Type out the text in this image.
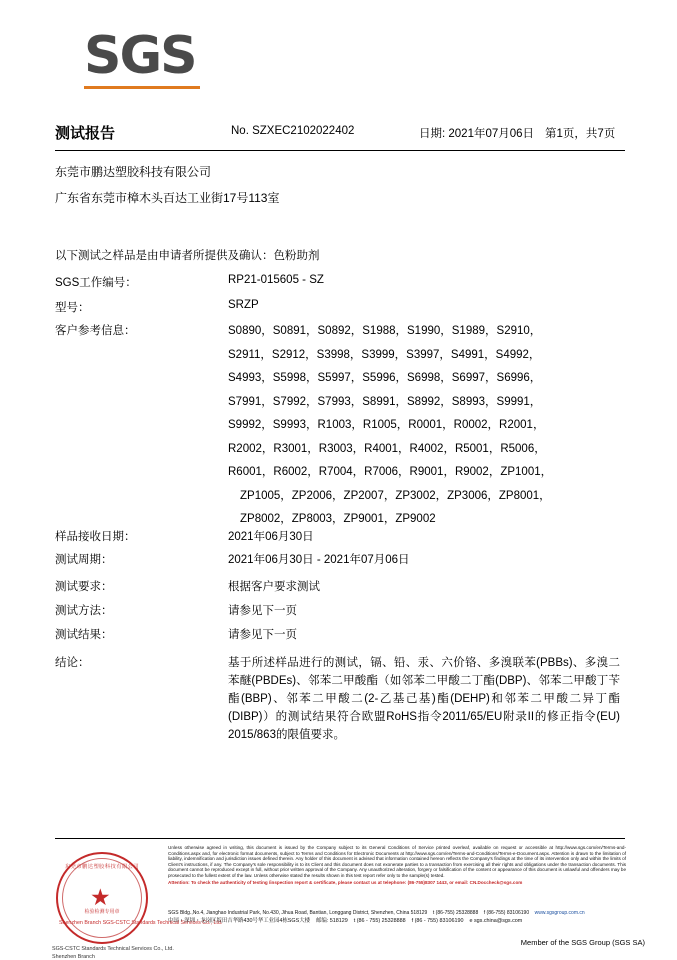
SGS
测试报告	No. SZXEC2102022402	日期: 2021年07月06日 第1页，共7页
东莞市鹏达塑胶科技有限公司
广东省东莞市樟木头百达工业街17号113室
以下测试之样品是由申请者所提供及确认：色粉助剂
SGS工作编号：	RP21-015605 - SZ
型号：	SRZP
客户参考信息：	S0890，S0891，S0892，S1988，S1990，S1989，S2910，
S2911，S2912，S3998，S3999，S3997，S4991，S4992，
S4993，S5998，S5997，S5996，S6998，S6997，S6996，
S7991，S7992，S7993，S8991，S8992，S8993，S9991，
S9992，S9993，R1003，R1005，R0001，R0002，R2001，
R2002，R3001，R3003，R4001，R4002，R5001，R5006，
R6001，R6002，R7004，R7006，R9001，R9002，ZP1001，
ZP1005，ZP2006，ZP2007，ZP3002，ZP3006，ZP8001，
ZP8002，ZP8003，ZP9001，ZP9002
样品接收日期：	2021年06月30日
测试周期：	2021年06月30日 - 2021年07月06日
测试要求：	根据客户要求测试
测试方法：	请参见下一页
测试结果：	请参见下一页
结论：	基于所述样品进行的测试，镉、铅、汞、六价铬、多溴联苯(PBBs)、多溴二苯醚(PBDEs)、邻苯二甲酸酯（如邻苯二甲酸二丁酯(DBP)、邻苯二甲酸丁苄酯(BBP)、邻苯二甲酸二(2-乙基己基)酯(DEHP)和邻苯二甲酸二异丁酯(DIBP)）的测试结果符合欧盟RoHS指令2011/65/EU附录II的修正指令(EU) 2015/863的限值要求。
东莞市鹏达塑胶科技有限公司
★
检验检测专用章
Shenzhen Branch SGS-CSTC Standards Technical Services Co., Ltd.
SGS-CSTC Standards Technical Services Co., Ltd.
Shenzhen Branch
Unless otherwise agreed in writing, this document is issued by the Company subject to its General Conditions of Service printed overleaf, available on request or accessible at http://www.sgs.com/en/Terms-and-Conditions.aspx and, for electronic format documents, subject to Terms and Conditions for Electronic Documents at http://www.sgs.com/en/Terms-and-Conditions/Terms-e-Document.aspx. Attention is drawn to the limitation of liability, indemnification and jurisdiction issues defined therein. Any holder of this document is advised that information contained hereon reflects the Company's findings at the time of its intervention only and within the limits of Client's instructions, if any. The Company's sole responsibility is to its Client and this document does not exonerate parties to a transaction from exercising all their rights and obligations under the transaction documents. This document cannot be reproduced except in full, without prior written approval of the Company. Any unauthorized alteration, forgery or falsification of the content or appearance of this document is unlawful and offenders may be prosecuted to the fullest extent of the law. Unless otherwise stated the results shown in this test report refer only to the sample(s) tested.
Attention: To check the authenticity of testing /inspection report & certificate, please contact us at telephone: (86-755)8307 1443, or email: CN.Doccheck@sgs.com
SGS Bldg.,No.4, Jianghao Industrial Park, No.430, Jihua Road, Bantian, Longgang District, Shenzhen, China 518129 t (86-755) 25328888 f (86-755) 83106190 www.sgsgroup.com.cn
中国・深圳・龙岗区坂田吉华路430号华工业园4栋SGS大楼 邮编: 518129 t (86 - 755) 25328888 f (86 - 755) 83106190 e sgs.china@sgs.com
Member of the SGS Group (SGS SA)
